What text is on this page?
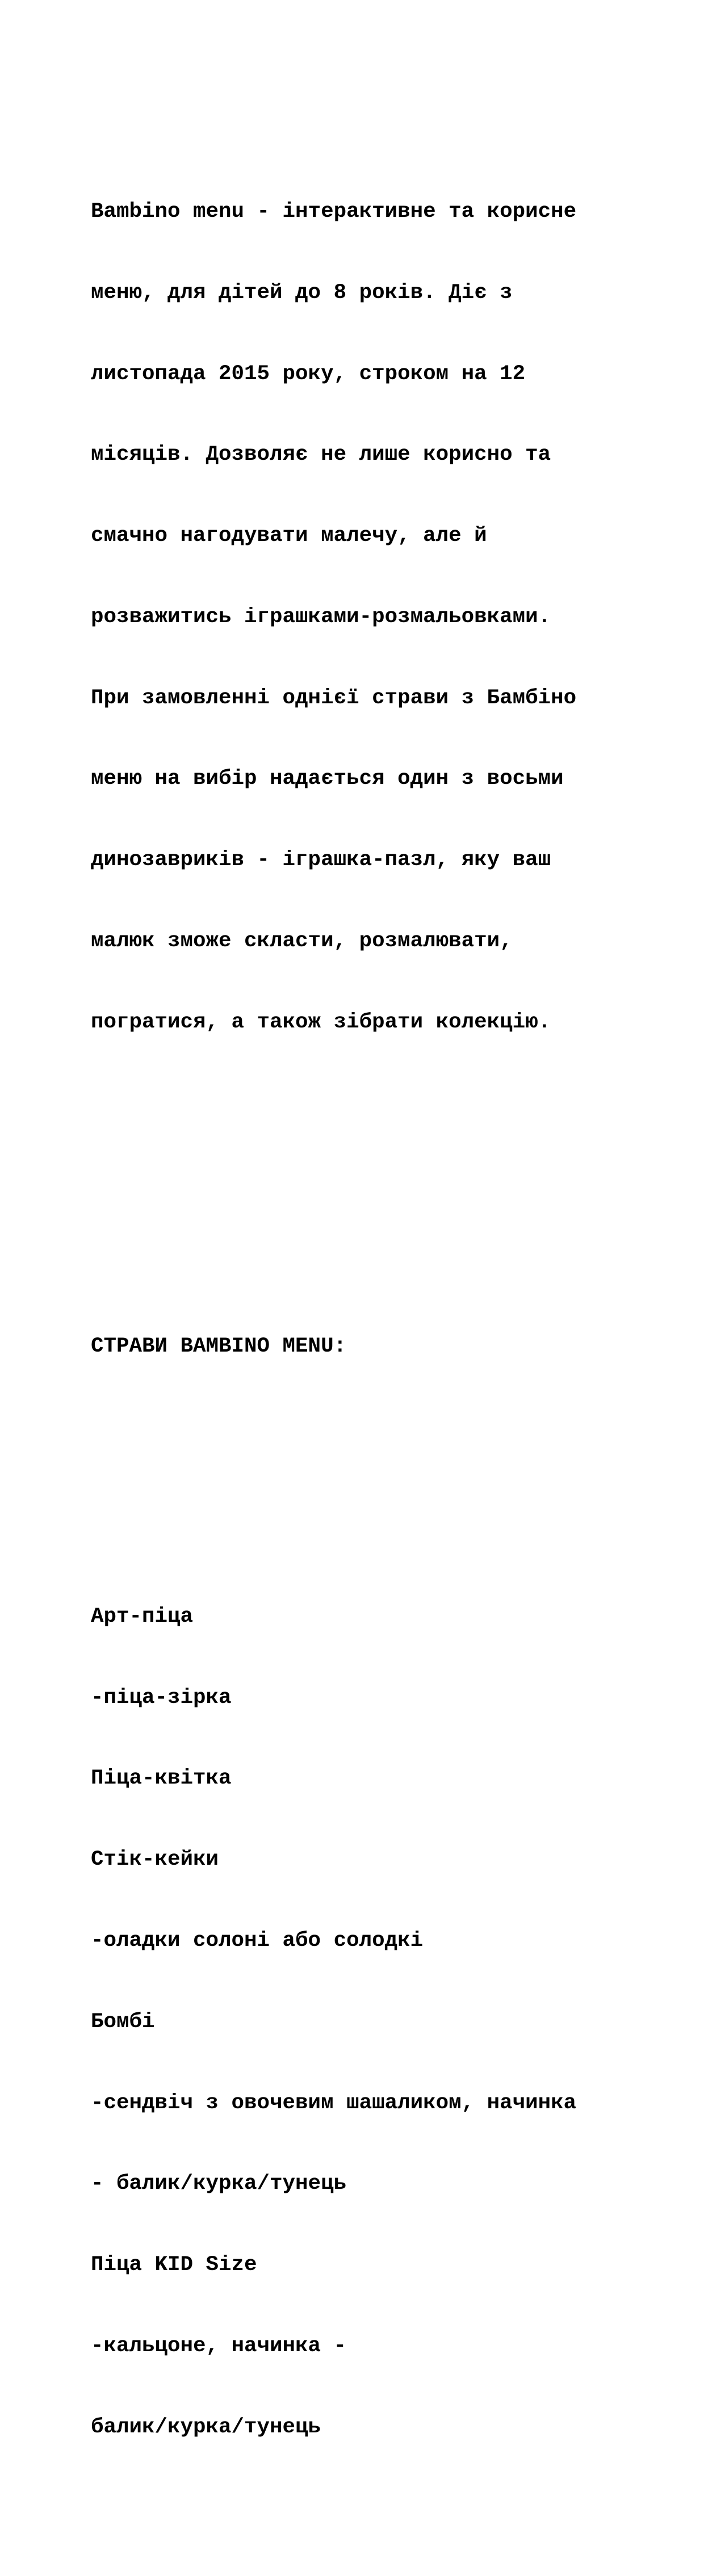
Bambino menu - інтерактивне та корисне

меню, для дітей до 8 років. Діє з

листопада 2015 року, строком на 12

місяців. Дозволяє не лише корисно та

смачно нагодувати малечу, але й

розважитись іграшками-розмальовками.

При замовленні однієї страви з Бамбіно

меню на вибір надається один з восьми

динозавриків - іграшка-пазл, яку ваш

малюк зможе скласти, розмалювати,

погратися, а також зібрати колекцію.

СТРАВИ BAMBINO MENU:

Арт-піца

-піца-зірка

Піца-квітка

Стік-кейки

-оладки солоні або солодкі

Бомбі

-сендвіч з овочевим шашаликом, начинка

- балик/курка/тунець

Піца KID Size

-кальцоне, начинка -

балик/курка/тунець
